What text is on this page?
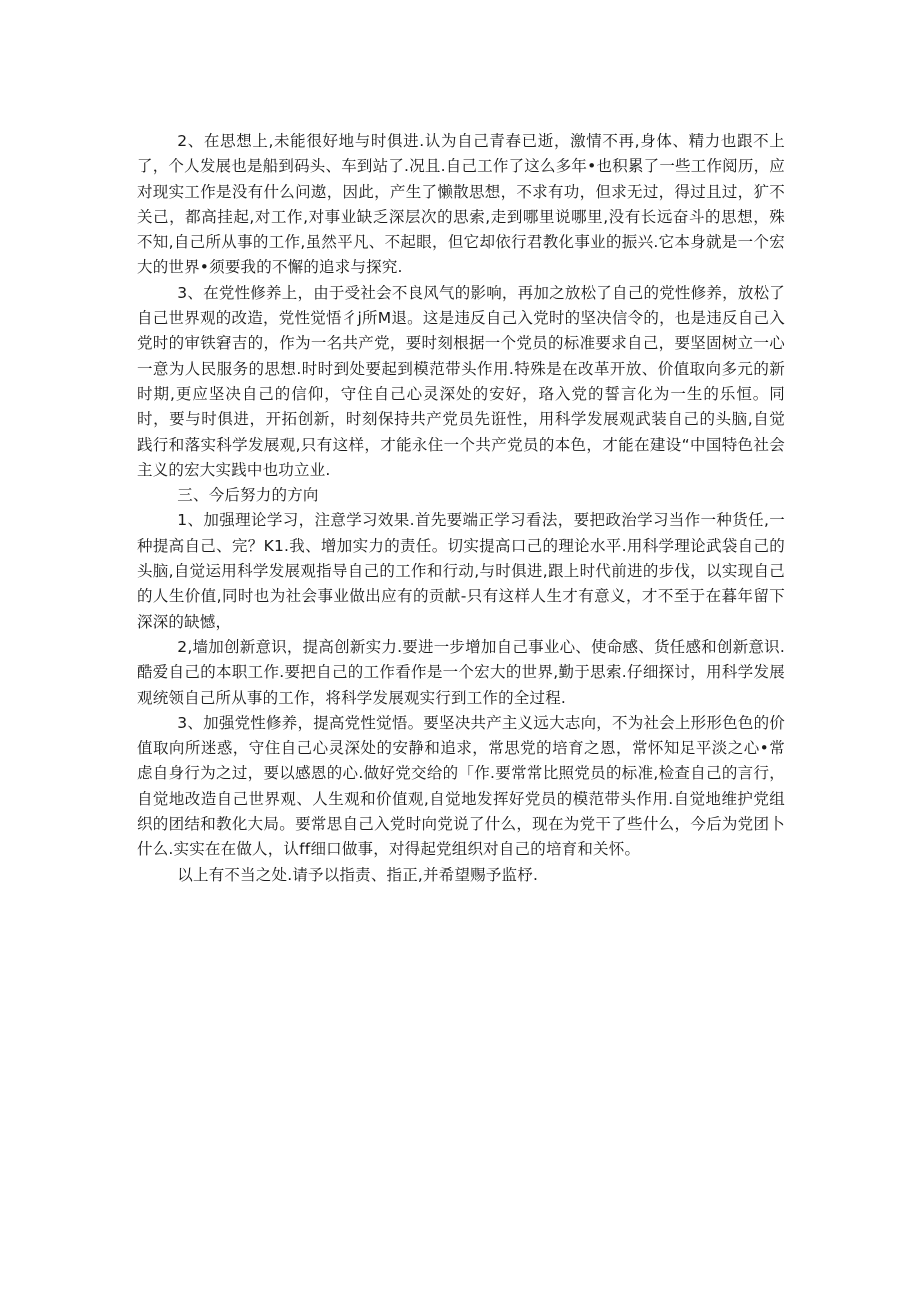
2、在思想上,未能很好地与时俱进.认为自己青春已逝，激情不再,身体、精力也跟不上了，个人发展也是船到码头、车到站了.况且.自己工作了这么多年•也积累了一些工作阅历，应对现实工作是没有什么问遨，因此，产生了懒散思想，不求有功，但求无过，得过且过，犷不关己，都高挂起,对工作,对事业缺乏深层次的思索,走到哪里说哪里,没有长远奋斗的思想，殊不知,自己所从事的工作,虽然平凡、不起眼，但它却依行君教化事业的振兴.它本身就是一个宏大的世界•须要我的不懈的追求与探究.

3、在党性修养上，由于受社会不良风气的影响，再加之放松了自己的党性修养，放松了自己世界观的改造，党性觉悟彳j所M退。这是违反自己入党时的坚决信令的，也是违反自己入党时的审铁窘吉的，作为一名共产党，要时刻根据一个党员的标准要求自己，要坚固树立一心一意为人民服务的思想.时时到处要起到模范带头作用.特殊是在改革开放、价值取向多元的新时期,更应坚决自己的信仰，守住自己心灵深处的安好，珞入党的誓言化为一生的乐恒。同时，要与时俱进，开拓创新，时刻保持共产党员先诳性，用科学发展观武装自己的头脑,自觉践行和落实科学发展观,只有这样，才能永住一个共产党员的本色，才能在建设“中国特色社会主义的宏大实践中也功立业.

三、今后努力的方向

1、加强理论学习，注意学习效果.首先要端正学习看法，要把政治学习当作一种货任,一种提高自己、完？K1.我、增加实力的责任。切实提高口己的理论水平.用科学理论武袋自己的头脑,自觉运用科学发展观指导自己的工作和行动,与时俱进,跟上时代前进的步伐，以实现自己的人生价值,同时也为社会事业做出应有的贡献-只有这样人生才有意义，才不至于在暮年留下深深的缺憾，

2,墙加创新意识，提高创新实力.要进一步增加自己事业心、使命感、货任感和创新意识.酷爱自己的本职工作.要把自己的工作看作是一个宏大的世界,勤于思索.仔细探讨，用科学发展观统领自己所从事的工作，将科学发展观实行到工作的全过程.

3、加强党性修养，提高党性觉悟。要坚决共产主义远大志向，不为社会上形形色色的价值取向所迷惑，守住自己心灵深处的安静和追求，常思党的培育之恩，常怀知足平淡之心•常虑自身行为之过，要以感恩的心.做好党交给的「作.要常常比照党员的标准,检查自己的言行，自觉地改造自己世界观、人生观和价值观,自觉地发挥好党员的模范带头作用.自觉地维护党组织的团结和教化大局。要常思自己入党时向党说了什么，现在为党干了些什么，今后为党团卜什么.实实在在做人，认ff细口做事，对得起党组织对自己的培育和关怀。

以上有不当之处.请予以指责、指正,并希望赐予监杼.
